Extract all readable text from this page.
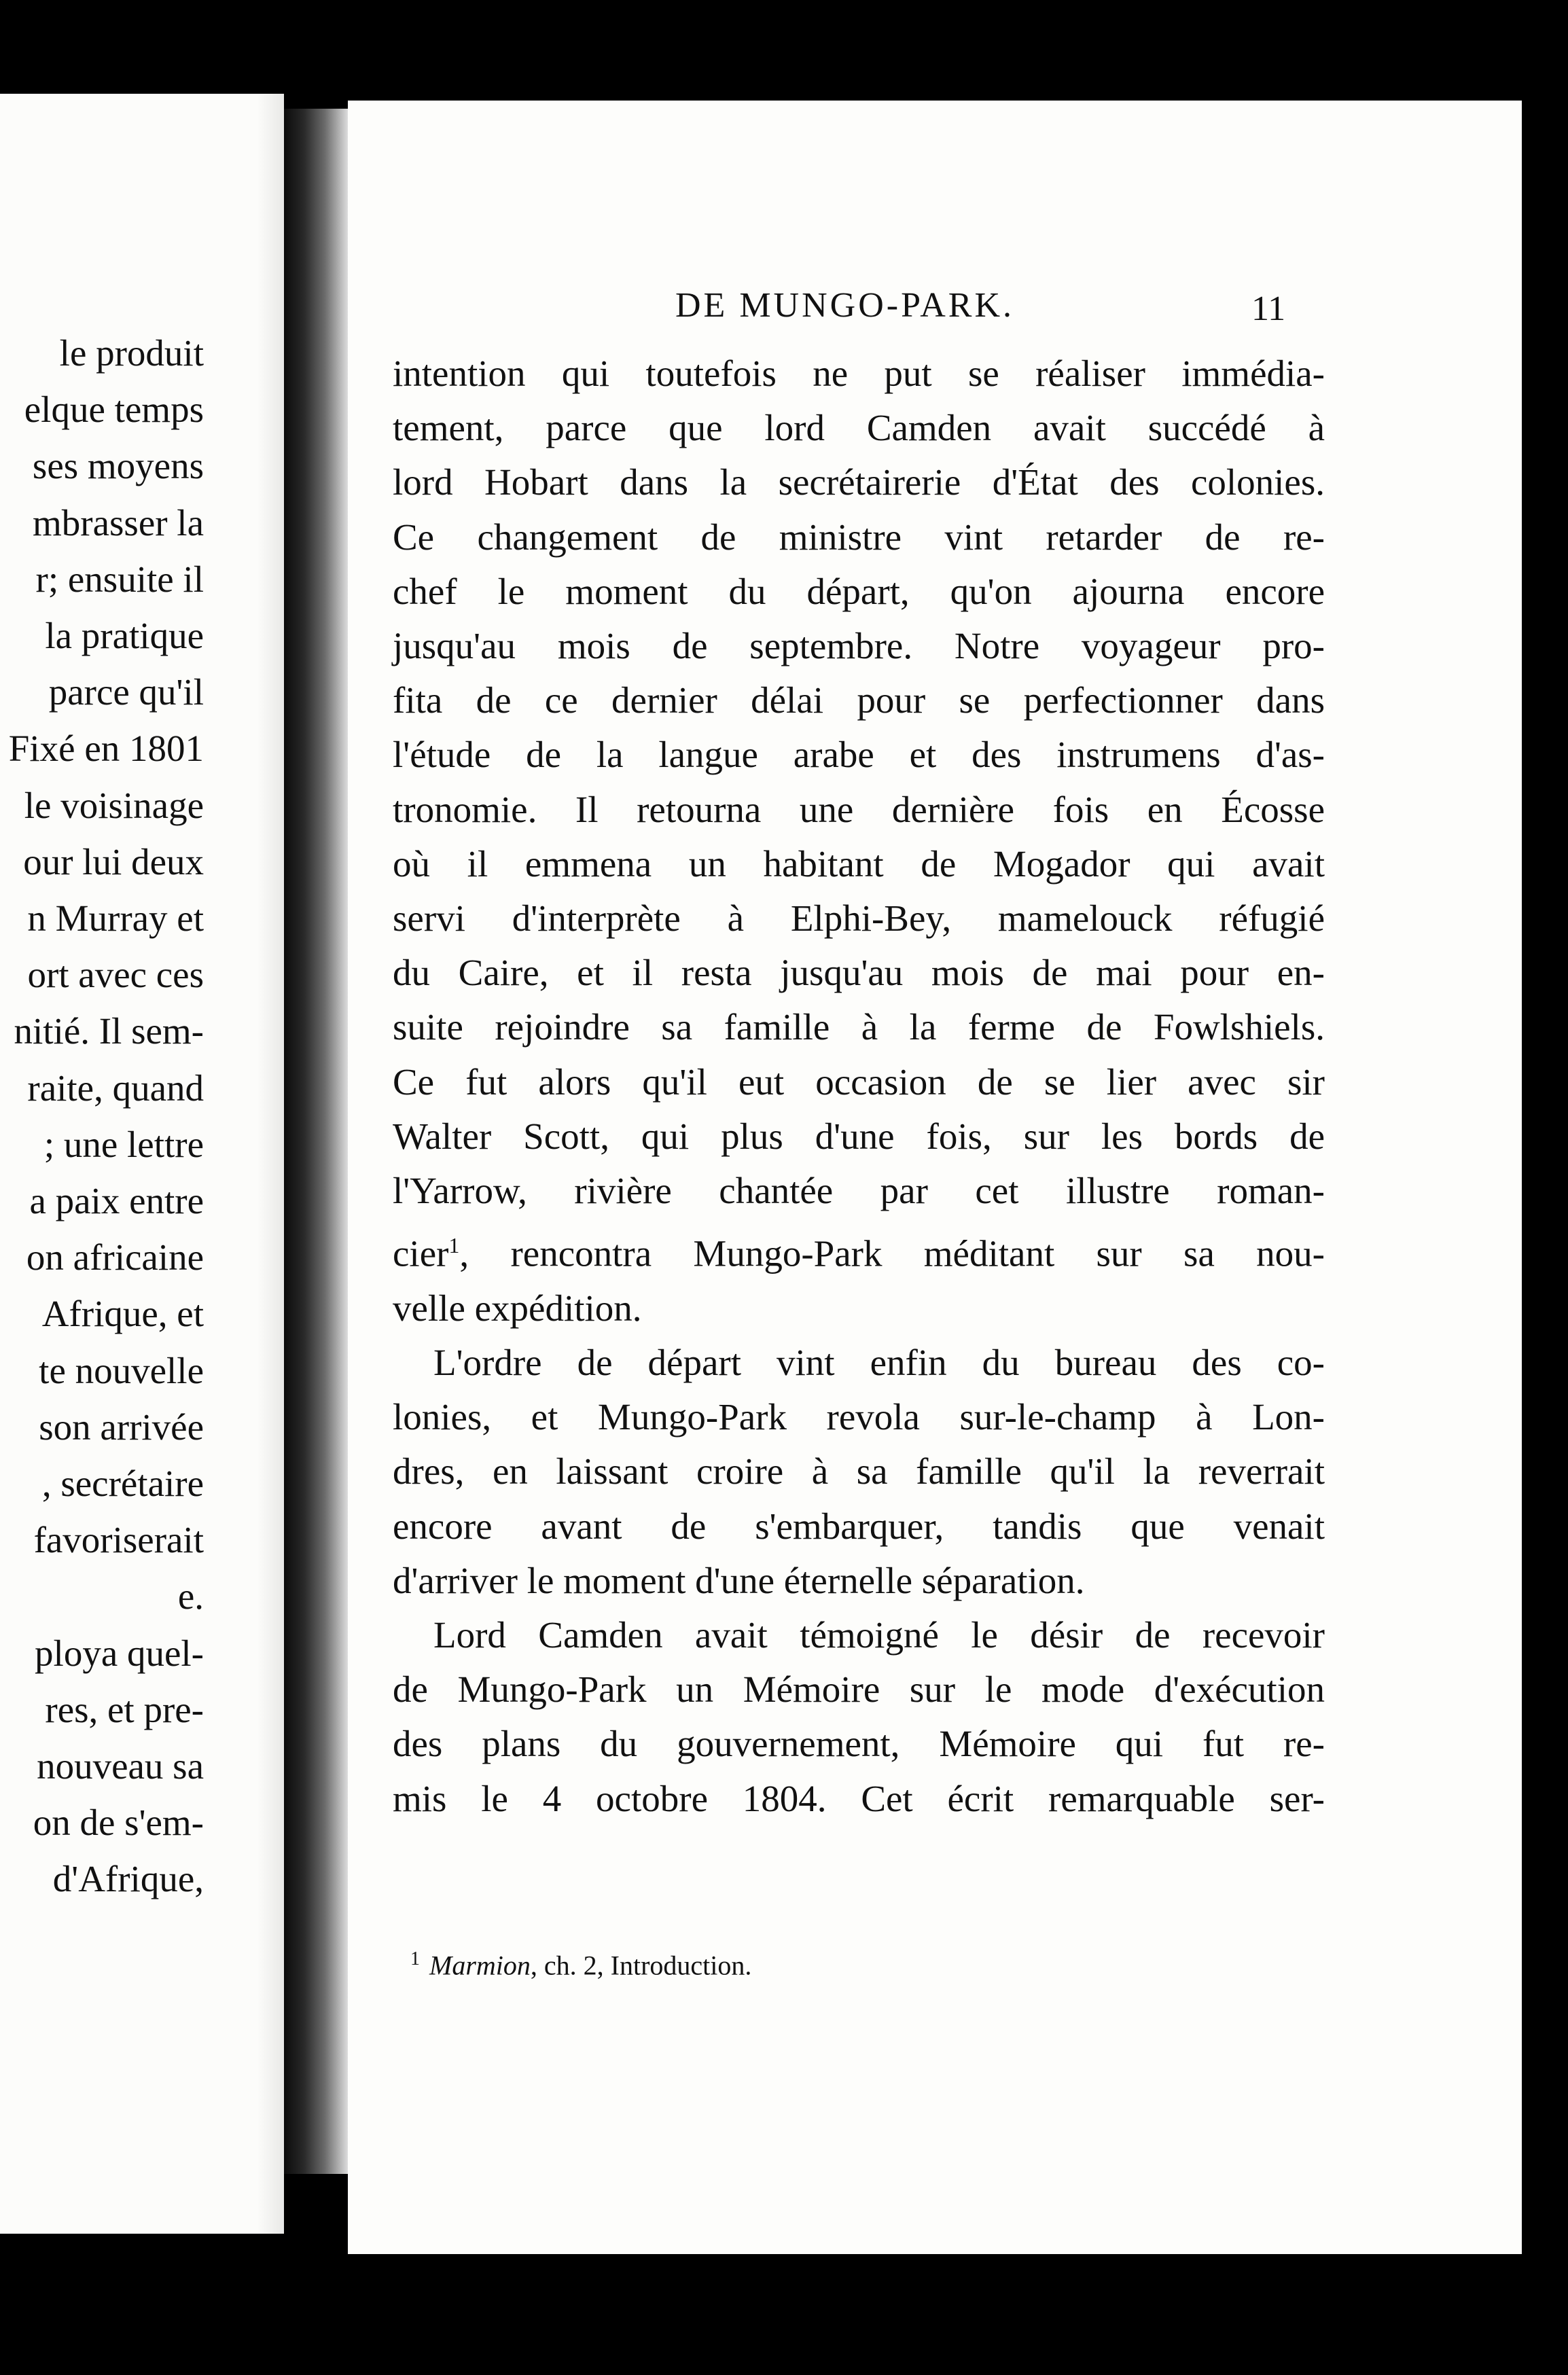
le produit
elque temps
ses moyens
mbrasser la
r; ensuite il
la pratique
parce qu'il
Fixé en 1801
le voisinage
our lui deux
n Murray et
ort avec ces
nitié. Il sem-
raite, quand
; une lettre
a paix entre
on africaine
Afrique, et
te nouvelle
son arrivée
, secrétaire
favoriserait
e.
ploya quel-
res, et pre-
nouveau sa
on de s'em-
d'Afrique,
DE MUNGO-PARK.	11
intention qui toutefois ne put se réaliser immédia-
tement, parce que lord Camden avait succédé à
lord Hobart dans la secrétairerie d'État des colonies.
Ce changement de ministre vint retarder de re-
chef le moment du départ, qu'on ajourna encore
jusqu'au mois de septembre. Notre voyageur pro-
fita de ce dernier délai pour se perfectionner dans
l'étude de la langue arabe et des instrumens d'as-
tronomie. Il retourna une dernière fois en Écosse
où il emmena un habitant de Mogador qui avait
servi d'interprète à Elphi-Bey, mamelouck réfugié
du Caire, et il resta jusqu'au mois de mai pour en-
suite rejoindre sa famille à la ferme de Fowlshiels.
Ce fut alors qu'il eut occasion de se lier avec sir
Walter Scott, qui plus d'une fois, sur les bords de
l'Yarrow, rivière chantée par cet illustre roman-
cier$^1$, rencontra Mungo-Park méditant sur sa nou-
velle expédition.
L'ordre de départ vint enfin du bureau des co-
lonies, et Mungo-Park revola sur-le-champ à Lon-
dres, en laissant croire à sa famille qu'il la reverrait
encore avant de s'embarquer, tandis que venait
d'arriver le moment d'une éternelle séparation.
Lord Camden avait témoigné le désir de recevoir
de Mungo-Park un Mémoire sur le mode d'exécution
des plans du gouvernement, Mémoire qui fut re-
mis le 4 octobre 1804. Cet écrit remarquable ser-
$^1$ Marmion, ch. 2, Introduction.
